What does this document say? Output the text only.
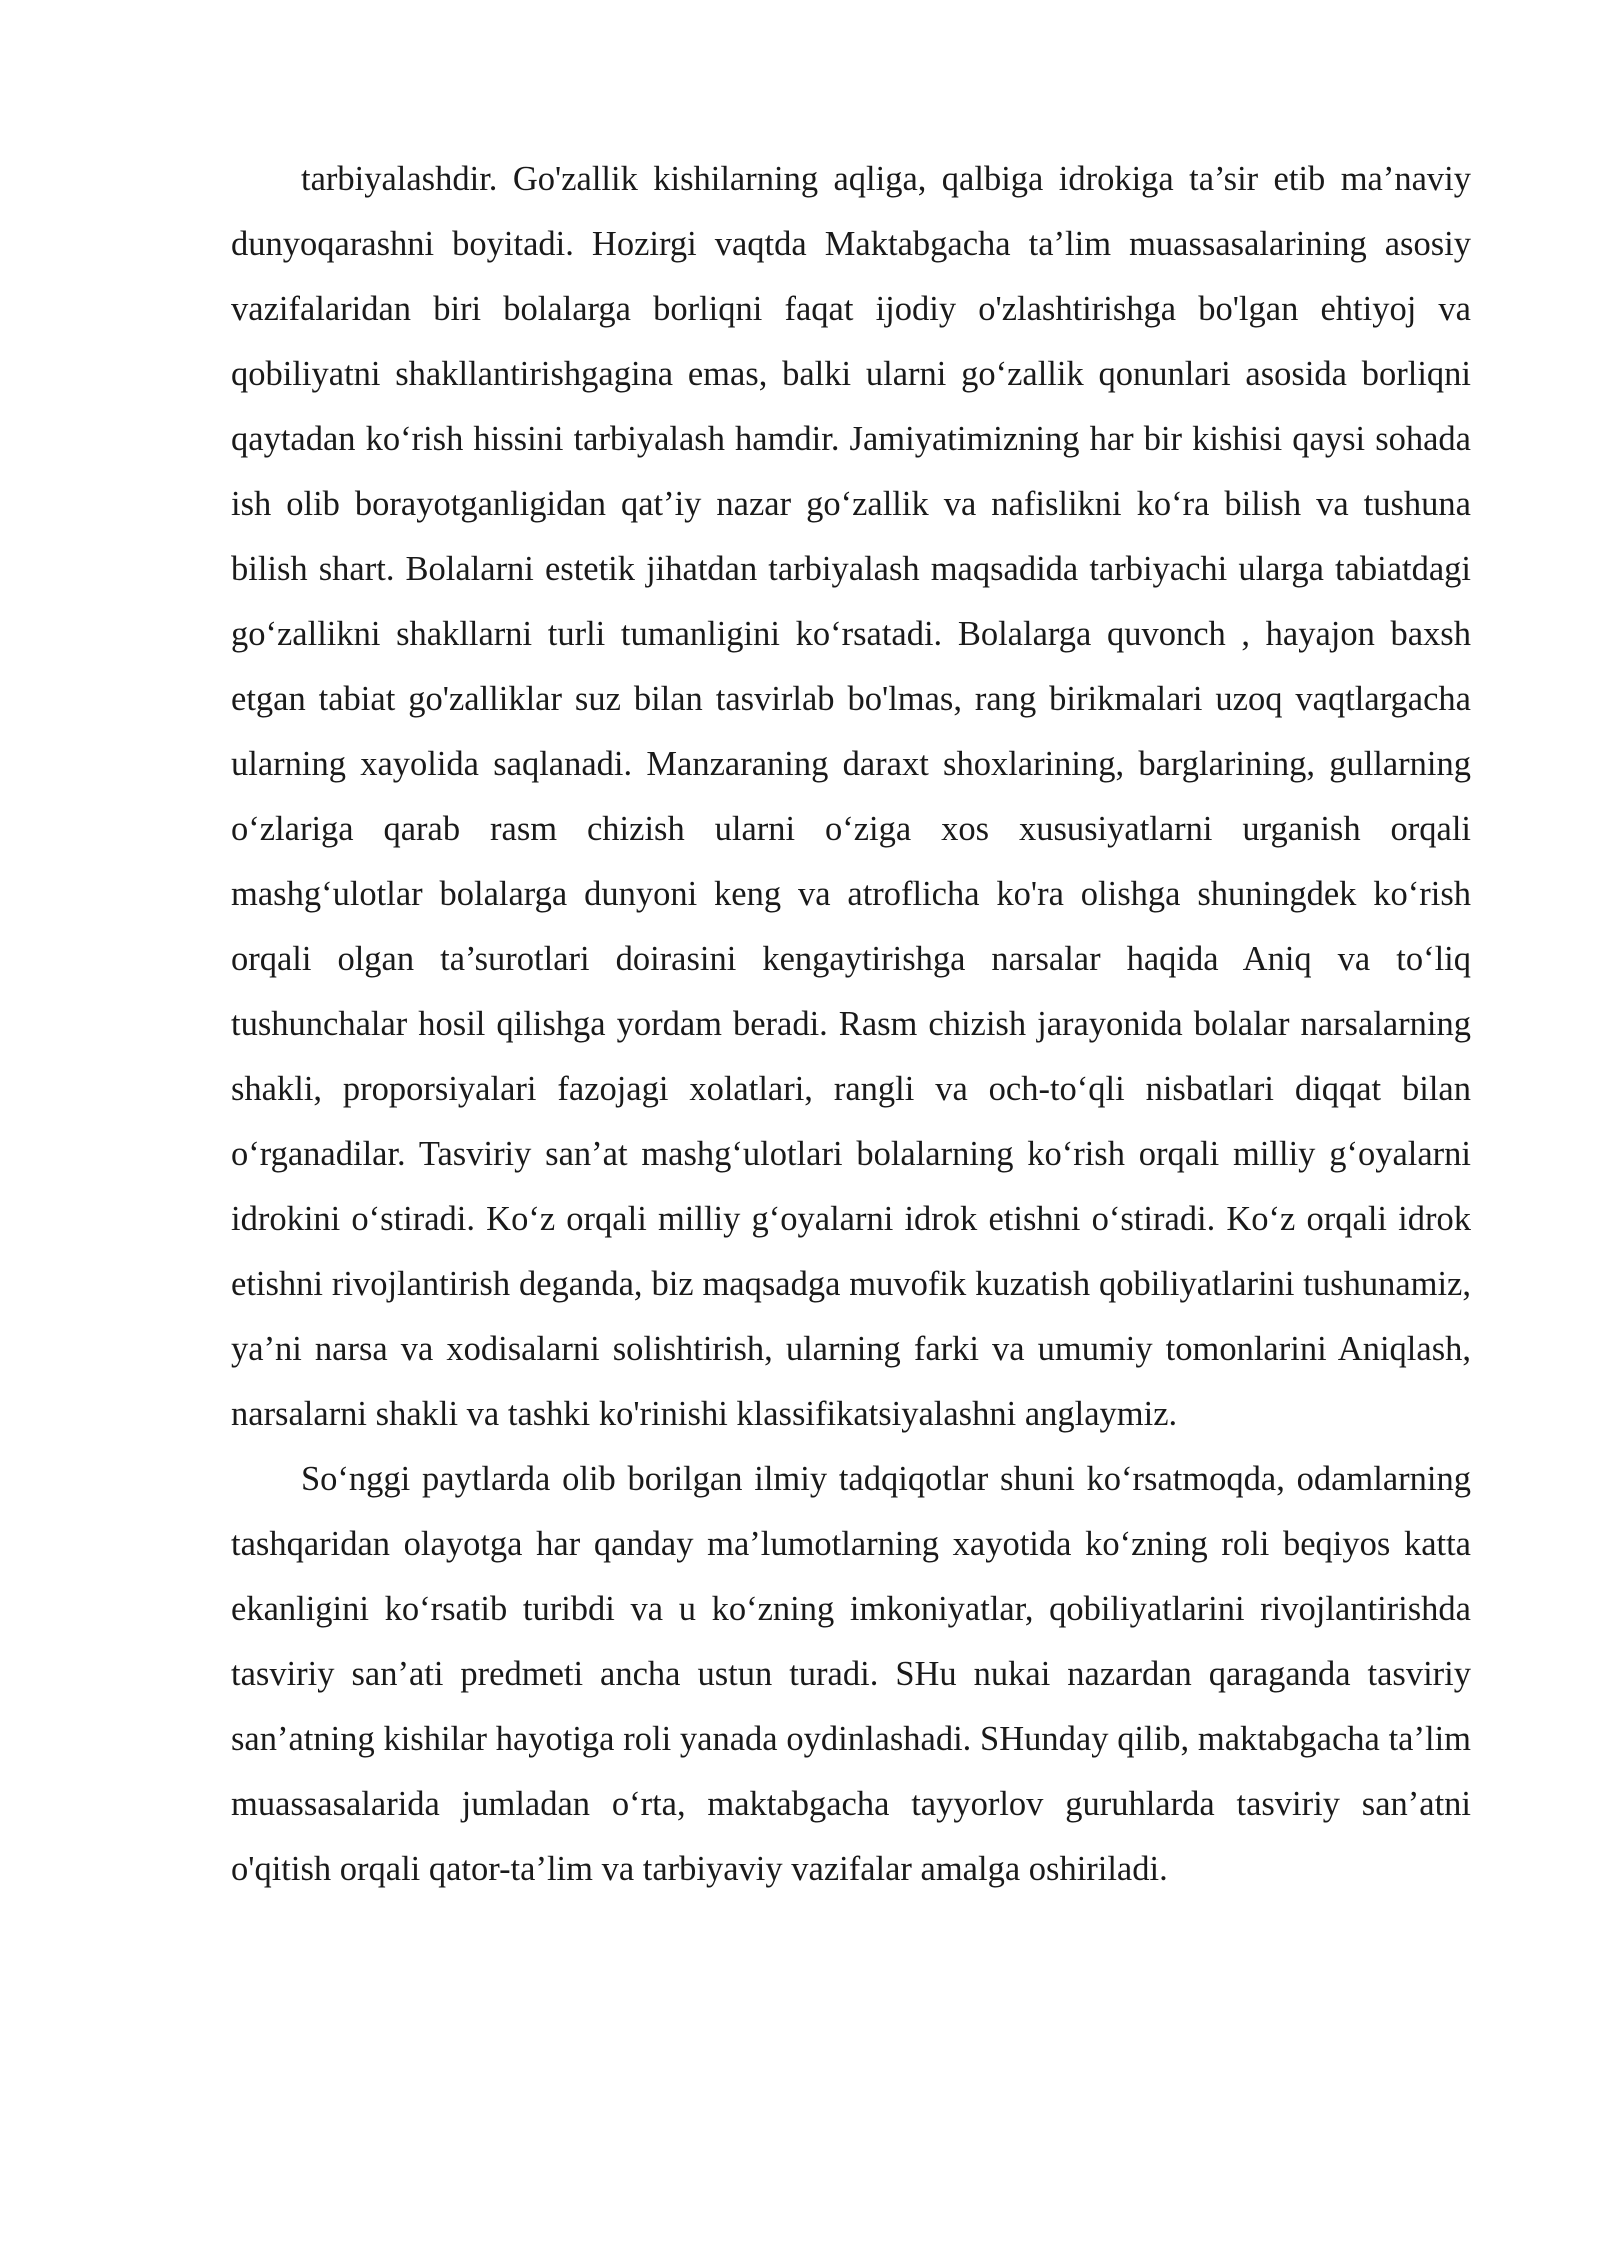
tarbiyalashdir. Go'zallik kishilarning aqliga, qalbiga idrokiga ta’sir etib ma’naviy dunyoqarashni boyitadi. Hozirgi vaqtda Maktabgacha ta’lim muassasalarining asosiy vazifalaridan biri bolalarga borliqni faqat ijodiy o'zlashtirishga bo'lgan ehtiyoj va qobiliyatni shakllantirishgagina emas, balki ularni go‘zallik qonunlari asosida borliqni qaytadan ko‘rish hissini tarbiyalash hamdir. Jamiyatimizning har bir kishisi qaysi sohada ish olib borayotganligidan qat’iy nazar go‘zallik va nafislikni ko‘ra bilish va tushuna bilish shart. Bolalarni estetik jihatdan tarbiyalash maqsadida tarbiyachi ularga tabiatdagi go‘zallikni shakllarni turli tumanligini ko‘rsatadi. Bolalarga quvonch , hayajon baxsh etgan tabiat go'zalliklar suz bilan tasvirlab bo'lmas, rang birikmalari uzoq vaqtlargacha ularning xayolida saqlanadi. Manzaraning daraxt shoxlarining, barglarining, gullarning o‘zlariga qarab rasm chizish ularni o‘ziga xos xususiyatlarni urganish orqali mashg‘ulotlar bolalarga dunyoni keng va atroflicha ko'ra olishga shuningdek ko‘rish orqali olgan ta’surotlari doirasini kengaytirishga narsalar haqida Aniq va to‘liq tushunchalar hosil qilishga yordam beradi. Rasm chizish jarayonida bolalar narsalarning shakli, proporsiyalari fazojagi xolatlari, rangli va och-to‘qli nisbatlari diqqat bilan o‘rganadilar. Tasviriy san’at mashg‘ulotlari bolalarning ko‘rish orqali milliy g‘oyalarni idrokini o‘stiradi. Ko‘z orqali milliy g‘oyalarni idrok etishni o‘stiradi. Ko‘z orqali idrok etishni rivojlantirish deganda, biz maqsadga muvofik kuzatish qobiliyatlarini tushunamiz, ya’ni narsa va xodisalarni solishtirish, ularning farki va umumiy tomonlarini Aniqlash, narsalarni shakli va tashki ko'rinishi klassifikatsiyalashni anglaymiz.

So‘nggi paytlarda olib borilgan ilmiy tadqiqotlar shuni ko‘rsatmoqda, odamlarning tashqaridan olayotga har qanday ma’lumotlarning xayotida ko‘zning roli beqiyos katta ekanligini ko‘rsatib turibdi va u ko‘zning imkoniyatlar, qobiliyatlarini rivojlantirishda tasviriy san’ati predmeti ancha ustun turadi. SHu nukai nazardan qaraganda tasviriy san’atning kishilar hayotiga roli yanada oydinlashadi. SHunday qilib, maktabgacha ta’lim muassasalarida jumladan o‘rta, maktabgacha tayyorlov guruhlarda tasviriy san’atni o'qitish orqali qator-ta’lim va tarbiyaviy vazifalar amalga oshiriladi.
